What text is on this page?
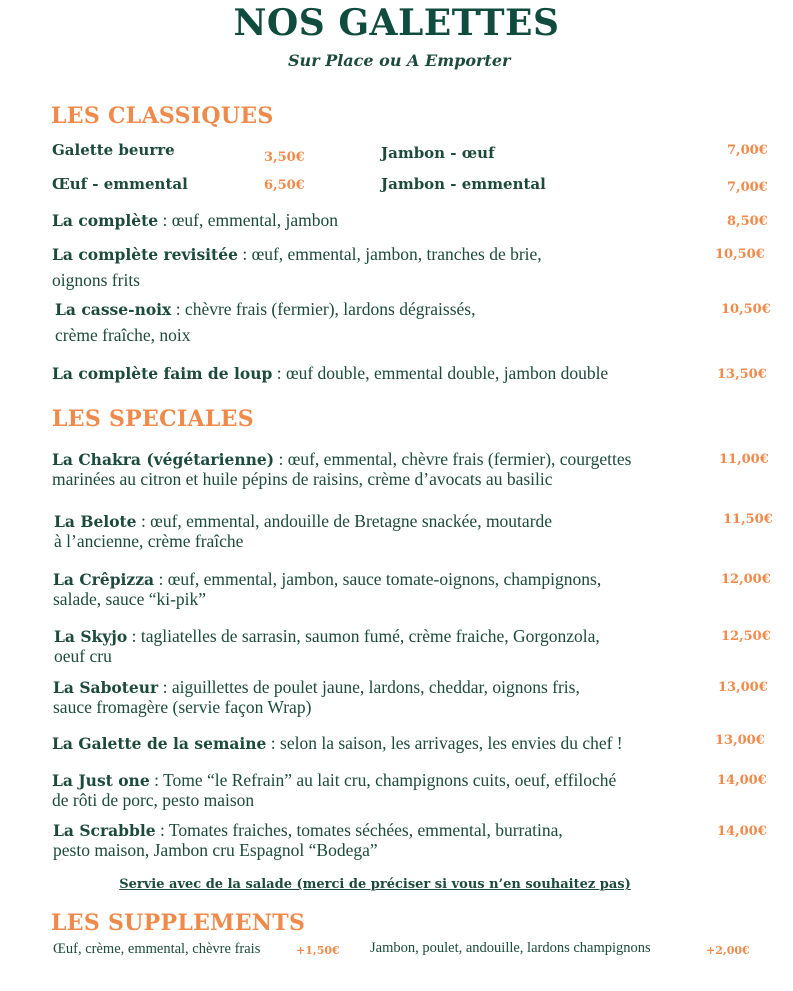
NOS GALETTES
Sur Place ou A Emporter
LES CLASSIQUES
Galette beurre	3,50€
Œuf - emmental	6,50€
Jambon - œuf	7,00€
Jambon - emmental	7,00€
La complète : œuf, emmental, jambon	8,50€
La complète revisitée : œuf, emmental, jambon, tranches de brie,
oignons frits
10,50€
La casse-noix : chèvre frais (fermier), lardons dégraissés,
crème fraîche, noix
10,50€
La complète faim de loup : œuf double, emmental double, jambon double	13,50€
LES SPECIALES
La Chakra (végétarienne) : œuf, emmental, chèvre frais (fermier), courgettes
marinées au citron et huile pépins de raisins, crème d’avocats au basilic
11,00€
La Belote : œuf, emmental, andouille de Bretagne snackée, moutarde
à l’ancienne, crème fraîche
11,50€
La Crêpizza : œuf, emmental, jambon, sauce tomate-oignons, champignons,
salade, sauce “ki-pik”
12,00€
La Skyjo : tagliatelles de sarrasin, saumon fumé, crème fraiche, Gorgonzola,
oeuf cru
12,50€
La Saboteur : aiguillettes de poulet jaune, lardons, cheddar, oignons fris,
sauce fromagère (servie façon Wrap)
13,00€
La Galette de la semaine : selon la saison, les arrivages, les envies du chef !	13,00€
La Just one : Tome “le Refrain” au lait cru, champignons cuits, oeuf, effiloché
de rôti de porc, pesto maison
14,00€
La Scrabble : Tomates fraiches, tomates séchées, emmental, burratina,
pesto maison, Jambon cru Espagnol “Bodega”
14,00€
Servie avec de la salade (merci de préciser si vous n’en souhaitez pas)
LES SUPPLEMENTS
Œuf, crème, emmental, chèvre frais	+1,50€ Jambon, poulet, andouille, lardons champignons	+2,00€
